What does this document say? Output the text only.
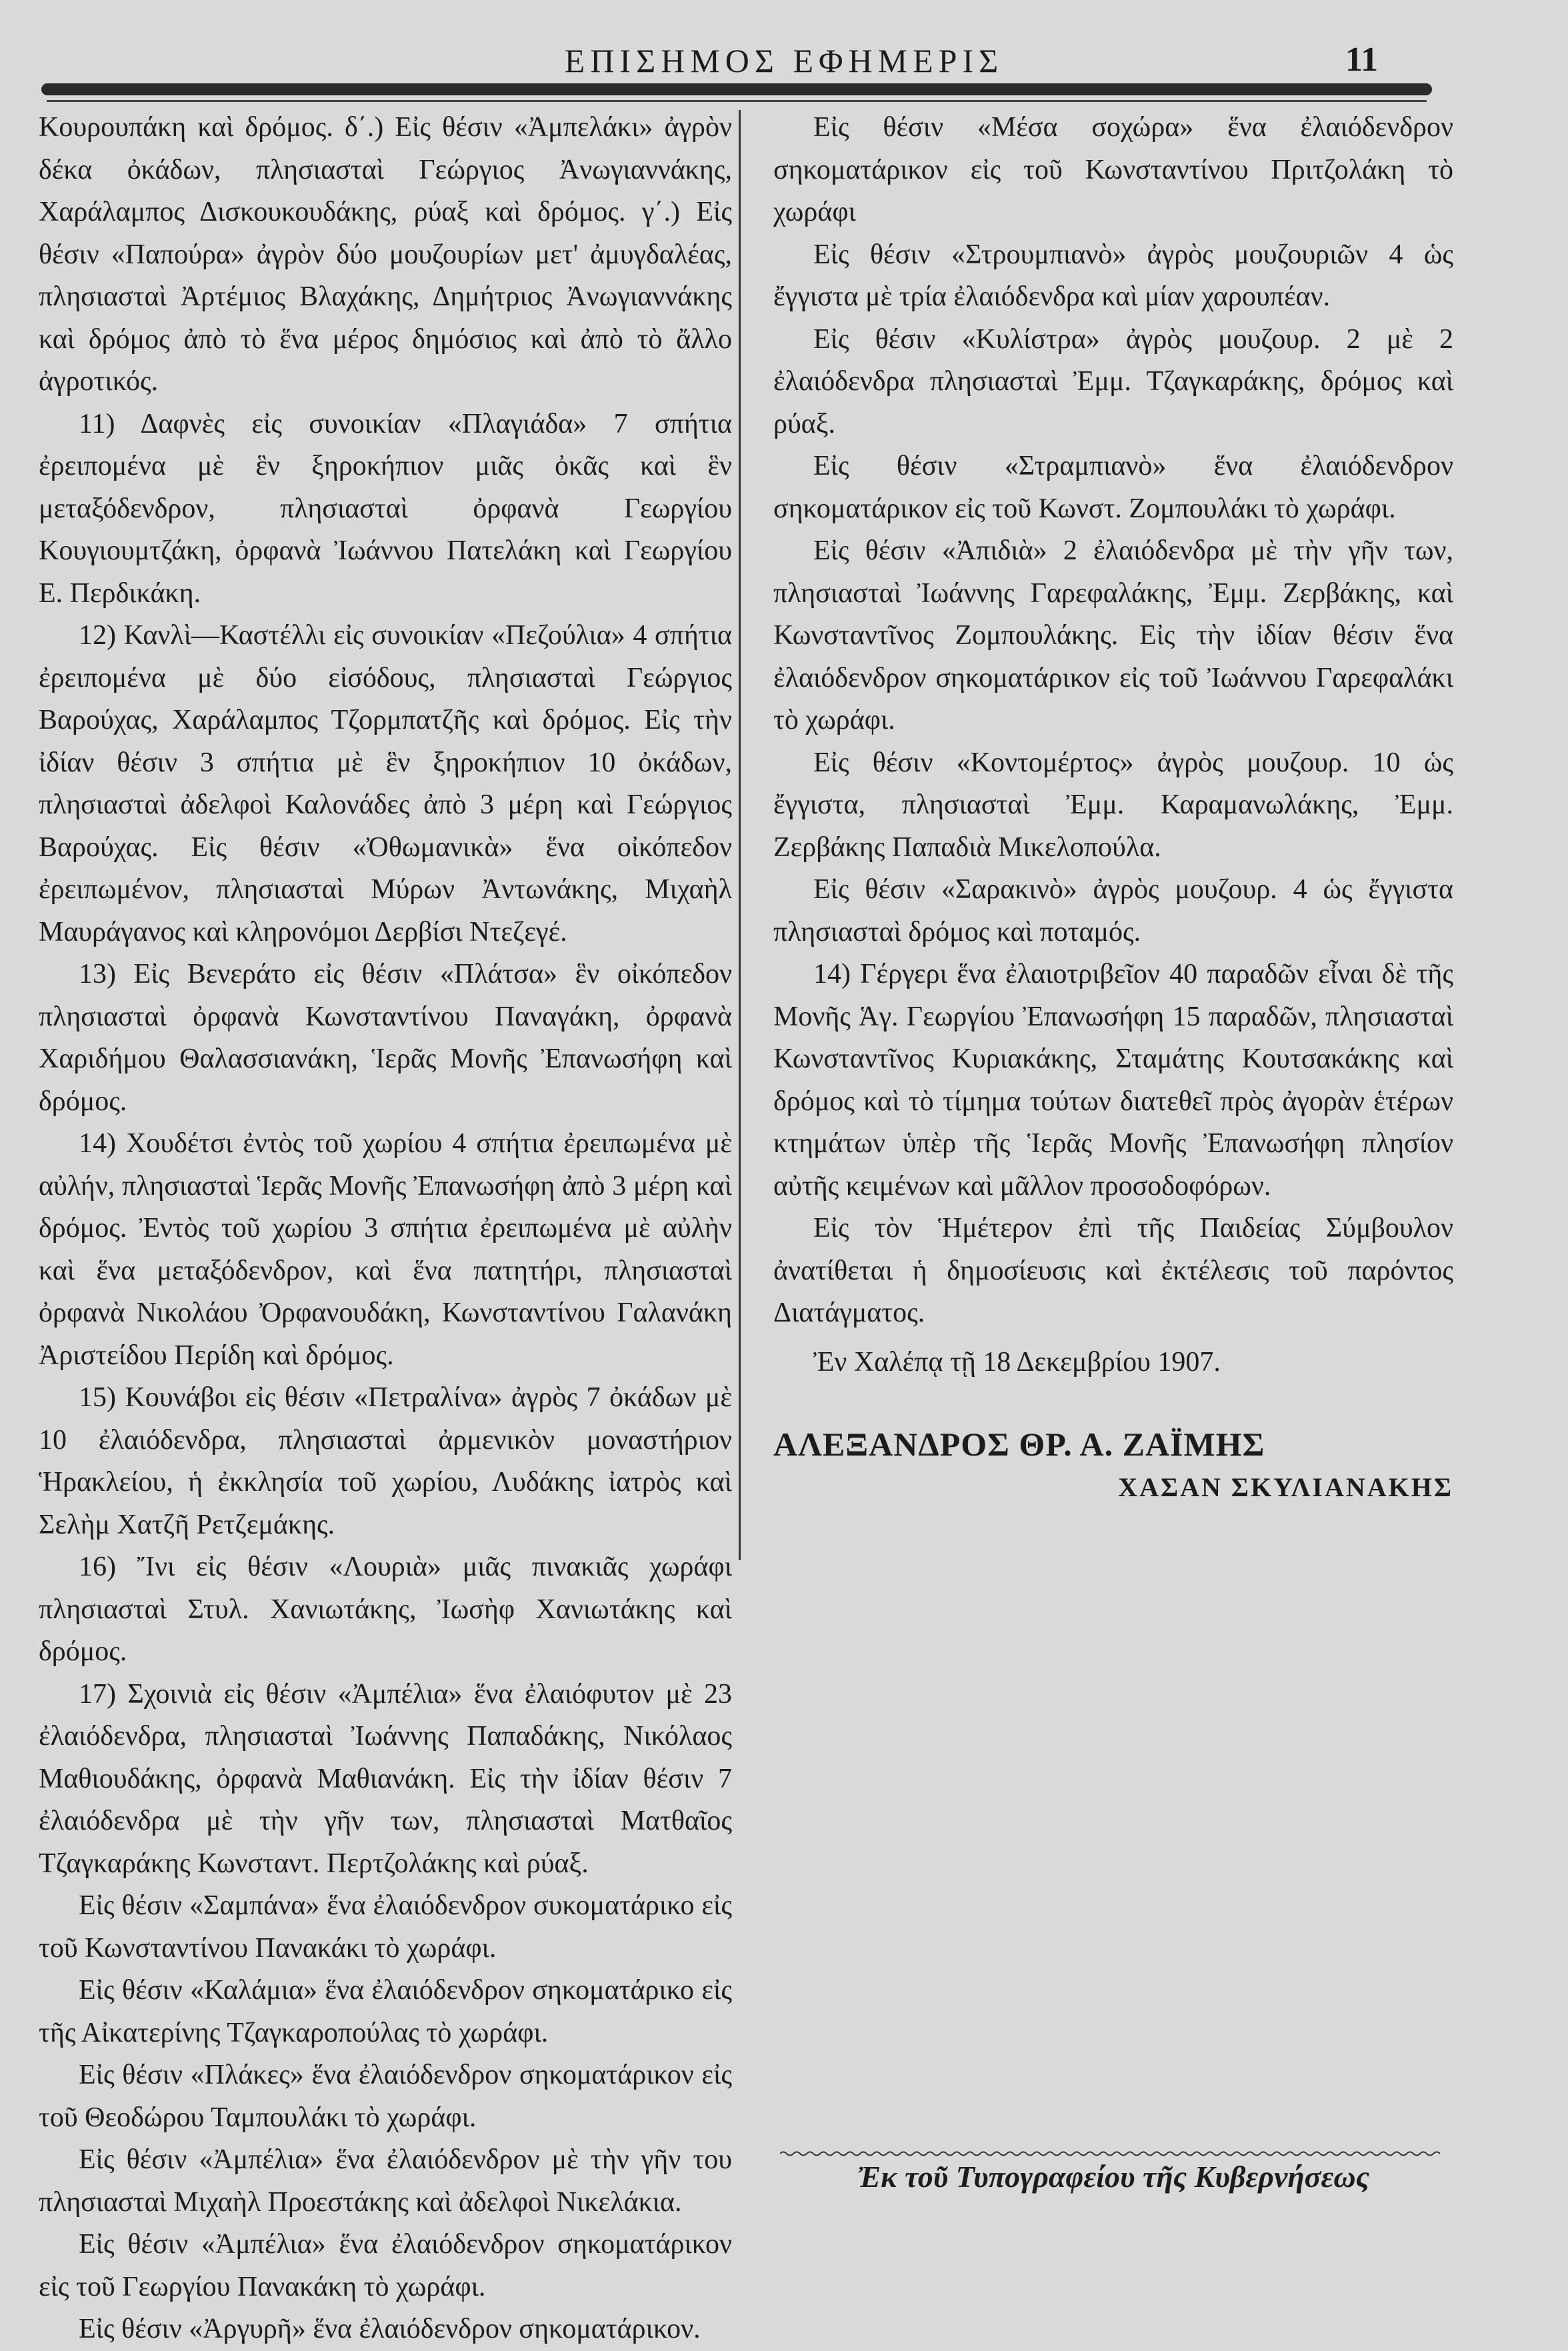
ΕΠΙΣΗΜΟΣ ΕΦΗΜΕΡΙΣ	11

Κουρουπάκη καὶ δρόμος. δ΄.) Εἰς θέσιν «Ἀμπελάκι» ἀγρὸν δέκα ὀκάδων, πλησιασταὶ Γεώργιος Ἀνωγιαννάκης, Χαράλαμπος Δισκουκουδάκης, ρύαξ καὶ δρόμος. γ΄.) Εἰς θέσιν «Παπούρα» ἀγρὸν δύο μουζουρίων μετ' ἀμυγδαλέας, πλησιασταὶ Ἀρτέμιος Βλαχάκης, Δημήτριος Ἀνωγιαννάκης καὶ δρόμος ἀπὸ τὸ ἕνα μέρος δημόσιος καὶ ἀπὸ τὸ ἄλλο ἀγροτικός.

11) Δαφνὲς εἰς συνοικίαν «Πλαγιάδα» 7 σπήτια ἐρειπομένα μὲ ἓν ξηροκήπιον μιᾶς ὀκᾶς καὶ ἓν μεταξόδενδρον, πλησιασταὶ ὀρφανὰ Γεωργίου Κουγιουμτζάκη, ὀρφανὰ Ἰωάννου Πατελάκη καὶ Γεωργίου Ε. Περδικάκη.

12) Κανλὶ—Καστέλλι εἰς συνοικίαν «Πεζούλια» 4 σπήτια ἐρειπομένα μὲ δύο εἰσόδους, πλησιασταὶ Γεώργιος Βαρούχας, Χαράλαμπος Τζορμπατζῆς καὶ δρόμος. Εἰς τὴν ἰδίαν θέσιν 3 σπήτια μὲ ἓν ξηροκήπιον 10 ὀκάδων, πλησιασταὶ ἀδελφοὶ Καλονάδες ἀπὸ 3 μέρη καὶ Γεώργιος Βαρούχας. Εἰς θέσιν «Ὀθωμανικὰ» ἕνα οἰκόπεδον ἐρειπωμένον, πλησιασταὶ Μύρων Ἀντωνάκης, Μιχαὴλ Μαυράγανος καὶ κληρονόμοι Δερβίσι Ντεζεγέ.

13) Εἰς Βενεράτο εἰς θέσιν «Πλάτσα» ἓν οἰκόπεδον πλησιασταὶ ὀρφανὰ Κωνσταντίνου Παναγάκη, ὀρφανὰ Χαριδήμου Θαλασσιανάκη, Ἱερᾶς Μονῆς Ἐπανωσήφη καὶ δρόμος.

14) Χουδέτσι ἐντὸς τοῦ χωρίου 4 σπήτια ἐρειπωμένα μὲ αὐλήν, πλησιασταὶ Ἱερᾶς Μονῆς Ἐπανωσήφη ἀπὸ 3 μέρη καὶ δρόμος. Ἐντὸς τοῦ χωρίου 3 σπήτια ἐρειπωμένα μὲ αὐλὴν καὶ ἕνα μεταξόδενδρον, καὶ ἕνα πατητήρι, πλησιασταὶ ὀρφανὰ Νικολάου Ὀρφανουδάκη, Κωνσταντίνου Γαλανάκη Ἀριστείδου Περίδη καὶ δρόμος.

15) Κουνάβοι εἰς θέσιν «Πετραλίνα» ἀγρὸς 7 ὀκάδων μὲ 10 ἐλαιόδενδρα, πλησιασταὶ ἀρμενικὸν μοναστήριον Ἡρακλείου, ἡ ἐκκλησία τοῦ χωρίου, Λυδάκης ἰατρὸς καὶ Σελὴμ Χατζῆ Ρετζεμάκης.

16) Ἴνι εἰς θέσιν «Λουριὰ» μιᾶς πινακιᾶς χωράφι πλησιασταὶ Στυλ. Χανιωτάκης, Ἰωσὴφ Χανιωτάκης καὶ δρόμος.

17) Σχοινιὰ εἰς θέσιν «Ἀμπέλια» ἕνα ἐλαιόφυτον μὲ 23 ἐλαιόδενδρα, πλησιασταὶ Ἰωάννης Παπαδάκης, Νικόλαος Μαθιουδάκης, ὀρφανὰ Μαθιανάκη. Εἰς τὴν ἰδίαν θέσιν 7 ἐλαιόδενδρα μὲ τὴν γῆν των, πλησιασταὶ Ματθαῖος Τζαγκαράκης Κωνσταντ. Περτζολάκης καὶ ρύαξ.

Εἰς θέσιν «Σαμπάνα» ἕνα ἐλαιόδενδρον συκοματάρικο εἰς τοῦ Κωνσταντίνου Πανακάκι τὸ χωράφι.

Εἰς θέσιν «Καλάμια» ἕνα ἐλαιόδενδρον σηκοματάρικο εἰς τῆς Αἰκατερίνης Τζαγκαροπούλας τὸ χωράφι.

Εἰς θέσιν «Πλάκες» ἕνα ἐλαιόδενδρον σηκοματάρικον εἰς τοῦ Θεοδώρου Ταμπουλάκι τὸ χωράφι.

Εἰς θέσιν «Ἀμπέλια» ἕνα ἐλαιόδενδρον μὲ τὴν γῆν του πλησιασταὶ Μιχαὴλ Προεστάκης καὶ ἀδελφοὶ Νικελάκια.

Εἰς θέσιν «Ἀμπέλια» ἕνα ἐλαιόδενδρον σηκοματάρικον εἰς τοῦ Γεωργίου Πανακάκη τὸ χωράφι.

Εἰς θέσιν «Ἀργυρῆ» ἕνα ἐλαιόδενδρον σηκοματάρικον.

Εἰς θέσιν «Μέσα σοχώρα» ἕνα ἐλαιόδενδρον σηκοματάρικον εἰς τοῦ Κωνσταντίνου Πριτζολάκη τὸ χωράφι

Εἰς θέσιν «Στρουμπιανὸ» ἀγρὸς μουζουριῶν 4 ὡς ἔγγιστα μὲ τρία ἐλαιόδενδρα καὶ μίαν χαρουπέαν.

Εἰς θέσιν «Κυλίστρα» ἀγρὸς μουζουρ. 2 μὲ 2 ἐλαιόδενδρα πλησιασταὶ Ἐμμ. Τζαγκαράκης, δρόμος καὶ ρύαξ.

Εἰς θέσιν «Στραμπιανὸ» ἕνα ἐλαιόδενδρον σηκοματάρικον εἰς τοῦ Κωνστ. Ζομπουλάκι τὸ χωράφι.

Εἰς θέσιν «Ἀπιδιὰ» 2 ἐλαιόδενδρα μὲ τὴν γῆν των, πλησιασταὶ Ἰωάννης Γαρεφαλάκης, Ἐμμ. Ζερβάκης, καὶ Κωνσταντῖνος Ζομπουλάκης. Εἰς τὴν ἰδίαν θέσιν ἕνα ἐλαιόδενδρον σηκοματάρικον εἰς τοῦ Ἰωάννου Γαρεφαλάκι τὸ χωράφι.

Εἰς θέσιν «Κοντομέρτος» ἀγρὸς μουζουρ. 10 ὡς ἔγγιστα, πλησιασταὶ Ἐμμ. Καραμανωλάκης, Ἐμμ. Ζερβάκης Παπαδιὰ Μικελοπούλα.

Εἰς θέσιν «Σαρακινὸ» ἀγρὸς μουζουρ. 4 ὡς ἔγγιστα πλησιασταὶ δρόμος καὶ ποταμός.

14) Γέργερι ἕνα ἐλαιοτριβεῖον 40 παραδῶν εἶναι δὲ τῆς Μονῆς Ἁγ. Γεωργίου Ἐπανωσήφη 15 παραδῶν, πλησιασταὶ Κωνσταντῖνος Κυριακάκης, Σταμάτης Κουτσακάκης καὶ δρόμος καὶ τὸ τίμημα τούτων διατεθεῖ πρὸς ἀγορὰν ἑτέρων κτημάτων ὑπὲρ τῆς Ἱερᾶς Μονῆς Ἐπανωσήφη πλησίον αὐτῆς κειμένων καὶ μᾶλλον προσοδοφόρων.

Εἰς τὸν Ἡμέτερον ἐπὶ τῆς Παιδείας Σύμβουλον ἀνατίθεται ἡ δημοσίευσις καὶ ἐκτέλεσις τοῦ παρόντος Διατάγματος.

Ἐν Χαλέπᾳ τῇ 18 Δεκεμβρίου 1907.

ΑΛΕΞΑΝΔΡΟΣ ΘΡ. Α. ΖΑΪΜΗΣ

ΧΑΣΑΝ ΣΚΥΛΙΑΝΑΚΗΣ

Ἐκ τοῦ Τυπογραφείου τῆς Κυβερνήσεως
